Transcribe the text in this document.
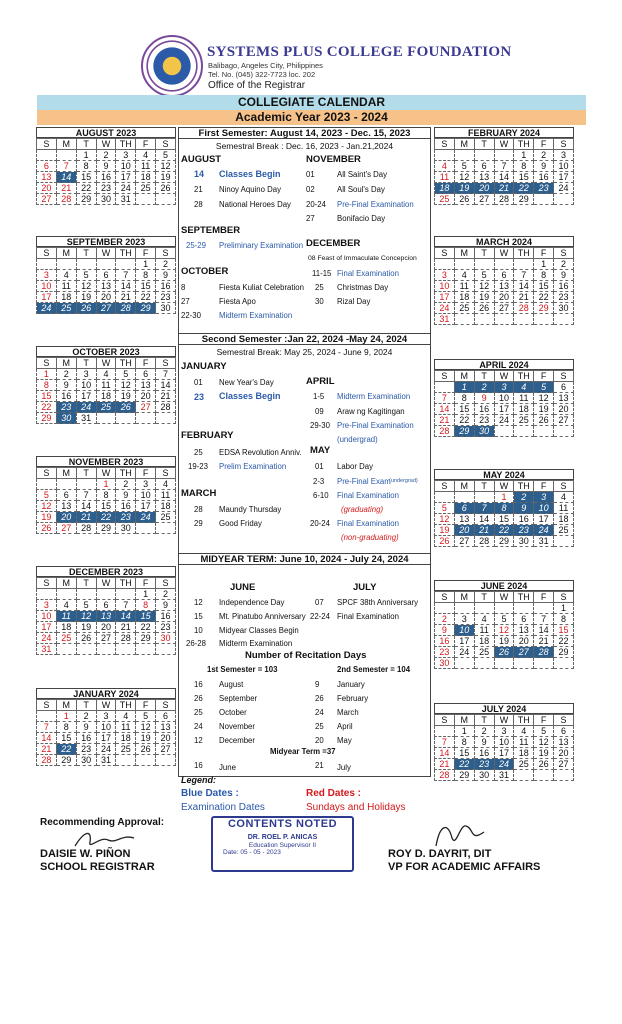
SYSTEMS PLUS COLLEGE FOUNDATION
Balibago, Angeles City, Philippines
Tel. No. (045) 322-7723 loc. 202
Office of the Registrar
COLLEGIATE CALENDAR
Academic Year 2023 - 2024
AUGUST 2023
S	M	T	W	TH	F	S
		1	2	3	4	5
6	7	8	9	10	11	12
13	14	15	16	17	18	19
20	21	22	23	24	25	26
27	28	29	30	31		
SEPTEMBER 2023
S	M	T	W	TH	F	S
					1	2
3	4	5	6	7	8	9
10	11	12	13	14	15	16
17	18	19	20	21	22	23
24	25	26	27	28	29	30
OCTOBER 2023
S	M	T	W	TH	F	S
1	2	3	4	5	6	7
8	9	10	11	12	13	14
15	16	17	18	19	20	21
22	23	24	25	26	27	28
29	30	31				
NOVEMBER 2023
S	M	T	W	TH	F	S
			1	2	3	4
5	6	7	8	9	10	11
12	13	14	15	16	17	18
19	20	21	22	23	24	25
26	27	28	29	30		
DECEMBER 2023
S	M	T	W	TH	F	S
					1	2
3	4	5	6	7	8	9
10	11	12	13	14	15	16
17	18	19	20	21	22	23
24	25	26	27	28	29	30
31						
JANUARY 2024
S	M	T	W	TH	F	S
	1	2	3	4	5	6
7	8	9	10	11	12	13
14	15	16	17	18	19	20
21	22	23	24	25	26	27
28	29	30	31			
FEBRUARY 2024
S	M	T	W	TH	F	S
				1	2	3
4	5	6	7	8	9	10
11	12	13	14	15	16	17
18	19	20	21	22	23	24
25	26	27	28	29		
MARCH 2024
S	M	T	W	TH	F	S
					1	2
3	4	5	6	7	8	9
10	11	12	13	14	15	16
17	18	19	20	21	22	23
24	25	26	27	28	29	30
31						
APRIL 2024
S	M	T	W	TH	F	S
	1	2	3	4	5	6
7	8	9	10	11	12	13
14	15	16	17	18	19	20
21	22	23	24	25	26	27
28	29	30				
MAY 2024
S	M	T	W	TH	F	S
			1	2	3	4
5	6	7	8	9	10	11
12	13	14	15	16	17	18
19	20	21	22	23	24	25
26	27	28	29	30	31	
JUNE 2024
S	M	T	W	TH	F	S
						1
2	3	4	5	6	7	8
9	10	11	12	13	14	15
16	17	18	19	20	21	22
23	24	25	26	27	28	29
30						
JULY 2024
S	M	T	W	TH	F	S
	1	2	3	4	5	6
7	8	9	10	11	12	13
14	15	16	17	18	19	20
21	22	23	24	25	26	27
28	29	30	31			
First Semester: August 14, 2023 - Dec. 15, 2023
Semestral Break : Dec. 16, 2023 - Jan.21,2024
AUGUST	NOVEMBER
14 Classes Begin
21 Ninoy Aquino Day
28 National Heroes Day
01	All Saint's Day
02	All Soul's Day
20-24 Pre-Final Examination
27	Bonifacio Day
SEPTEMBER
25-29 Preliminary Examination DECEMBER
08 Feast of Immaculate Concepcion
11-15 Final Examination
25 Christmas Day
30 Rizal Day
OCTOBER
8	Fiesta Kuliat Celebration
27	Fiesta Apo
22-30 Midterm Examination
Second Semester :Jan 22, 2024 -May 24, 2024
Semestral Break: May 25, 2024 - June 9, 2024
JANUARY
01 New Year's Day
23 Classes Begin
APRIL
1-5 Midterm Examination
09 Araw ng Kagitingan
29-30 Pre-Final Examination
(undergrad)
FEBRUARY
25 EDSA Revolution Anniv.
19-23 Prelim Examination
MAY
01 Labor Day
2-3 Pre-Final Exam
(undergrad)
6-10 Final Examination
(graduating)
20-24 Final Examination
(non-graduating)
MARCH
28 Maundy Thursday
29 Good Friday
MIDYEAR TERM: June 10, 2024 - July 24, 2024
JUNE	JULY
12 Independence Day	07 SPCF 38th Anniversary
15 Mt. Pinatubo Anniversary 22-24 Final Examination
10 Midyear Classes Begin
26-28 Midterm Examination
Number of Recitation Days
1st Semester = 103	2nd Semester = 104
16 August	9 January
26 September	26 February
25 October	24 March
24 November	25 April
12 December	20 May
Midyear Term =37
16 June	21 July
Legend:
Blue Dates :
Examination Dates
Red Dates :
Sundays and Holidays
Recommending Approval:
DAISIE W. PIÑON
SCHOOL REGISTRAR
CONTENTS NOTED
DR. ROEL P. ANICAS
Education Supervisor II
Date: 05 - 05 - 2023	ROY D. DAYRIT, DIT
VP FOR ACADEMIC AFFAIRS
